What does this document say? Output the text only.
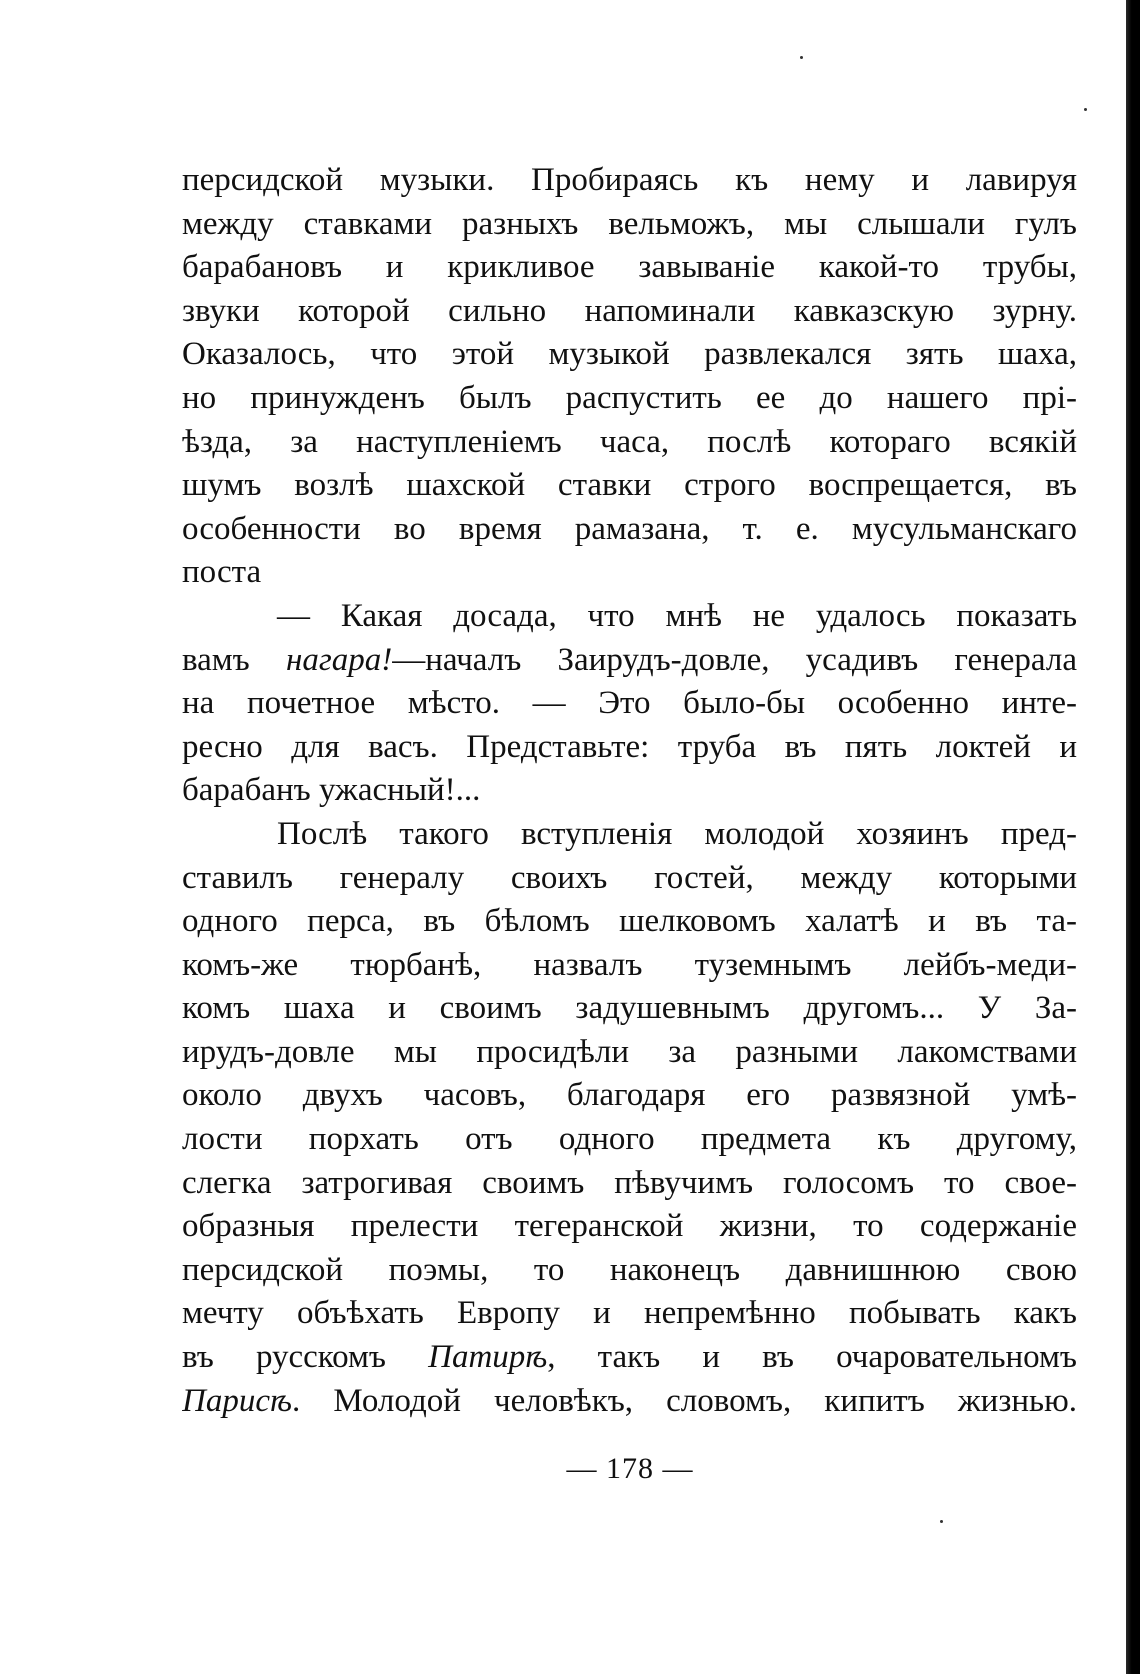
персидской музыки. Пробираясь къ нему и лавируя
между ставками разныхъ вельможъ, мы слышали гулъ
барабановъ и крикливое завываніе какой-то трубы,
звуки которой сильно напоминали кавказскую зурну.
Оказалось, что этой музыкой развлекался зять шаха,
но принужденъ былъ распустить ее до нашего прі-
ѣзда, за наступленіемъ часа, послѣ котораго всякій
шумъ возлѣ шахской ставки строго воспрещается, въ
особенности во время рамазана, т. е. мусульманскаго
поста
— Какая досада, что мнѣ не удалось показать
вамъ нагара!—началъ Заирудъ-довле, усадивъ генерала
на почетное мѣсто. — Это было-бы особенно инте-
ресно для васъ. Представьте: труба въ пять локтей и
барабанъ ужасный!...
Послѣ такого вступленія молодой хозяинъ пред-
ставилъ генералу своихъ гостей, между которыми
одного перса, въ бѣломъ шелковомъ халатѣ и въ та-
комъ-же тюрбанѣ, назвалъ туземнымъ лейбъ-меди-
комъ шаха и своимъ задушевнымъ другомъ... У За-
ирудъ-довле мы просидѣли за разными лакомствами
около двухъ часовъ, благодаря его развязной умѣ-
лости порхать отъ одного предмета къ другому,
слегка затрогивая своимъ пѣвучимъ голосомъ то свое-
образныя прелести тегеранской жизни, то содержаніе
персидской поэмы, то наконецъ давнишнюю свою
мечту объѣхать Европу и непремѣнно побывать какъ
въ русскомъ Патирѣ, такъ и въ очаровательномъ
Парисѣ. Молодой человѣкъ, словомъ, кипитъ жизнью.
— 178 —
